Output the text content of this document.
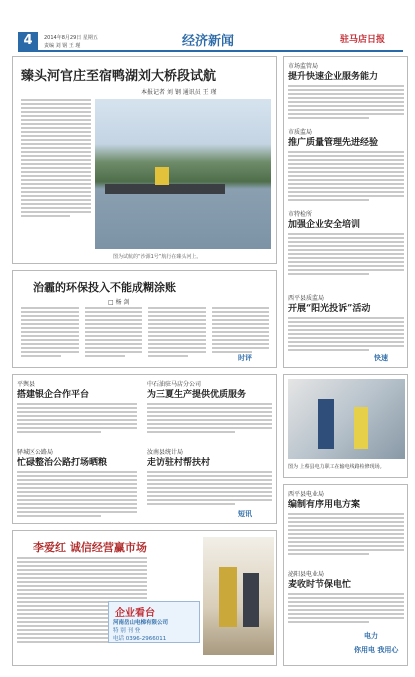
4	2014年8月29日 星期五
责编 刘 钢 王 瑾	经济新闻	驻马店日报
臻头河官庄至宿鸭湖刘大桥段试航
本报记者 刘 钢 通讯员 王 瑾
图为试航的“沙源1号”航行在臻头河上。
治霾的环保投入不能成糊涂账
□ 杨 剑
时评
市场监管局
提升快速企业服务能力
市质监局
推广质量管理先进经验
市特检所
加强企业安全培训
西平县质监局
开展“阳光投诉”活动
快速
平舆县
搭建银企合作平台
中石油驻马店分公司
为三夏生产提供优质服务
驿城区公路局
忙碌整治公路打场晒粮
汝南县统计局
走访驻村帮扶村
短讯
图为 上蔡县电力职工在输电线路检修现场。
西平县电业局
编制有序用电方案
泌阳县电业局
麦收时节保电忙
电力
你用电 我用心
李爱红 诚信经营赢市场
企业看台
河南岳山电梯有限公司
特 别 刊 登
电话 0396-2966011
